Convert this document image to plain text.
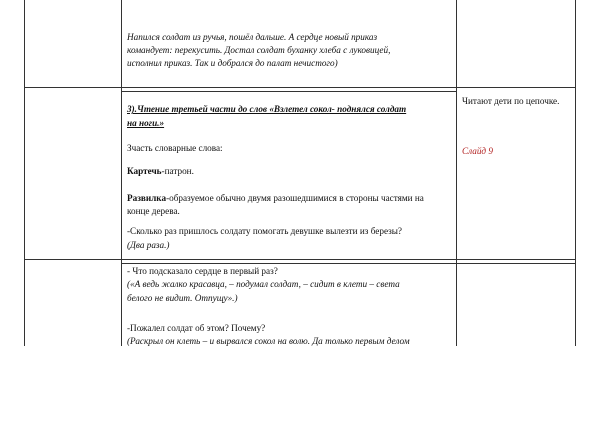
Напился солдат из ручья, пошёл дальше. А сердце новый приказ
командует: перекусить. Достал солдат буханку хлеба с луковицей,
исполнил приказ. Так и добрался до палат нечистого)
3).Чтение третьей части до слов «Взлетел сокол- поднялся солдат
на ноги.»
Зчасть словарные слова:
Картечь-патрон.
Развилка-образуемое обычно двумя разошедшимися в стороны частями на
конце дерева.
-Сколько раз пришлось солдату помогать девушке вылезти из березы?
(Два раза.)
Читают дети по цепочке.
Слайд 9
- Что подсказало сердце в первый раз?
(«А ведь жалко красавца, – подумал солдат, – сидит в клети – света
белого не видит. Отпущу».)
-Пожалел солдат об этом? Почему?
(Раскрыл он клеть – и вырвался сокол на волю. Да только первым делом
